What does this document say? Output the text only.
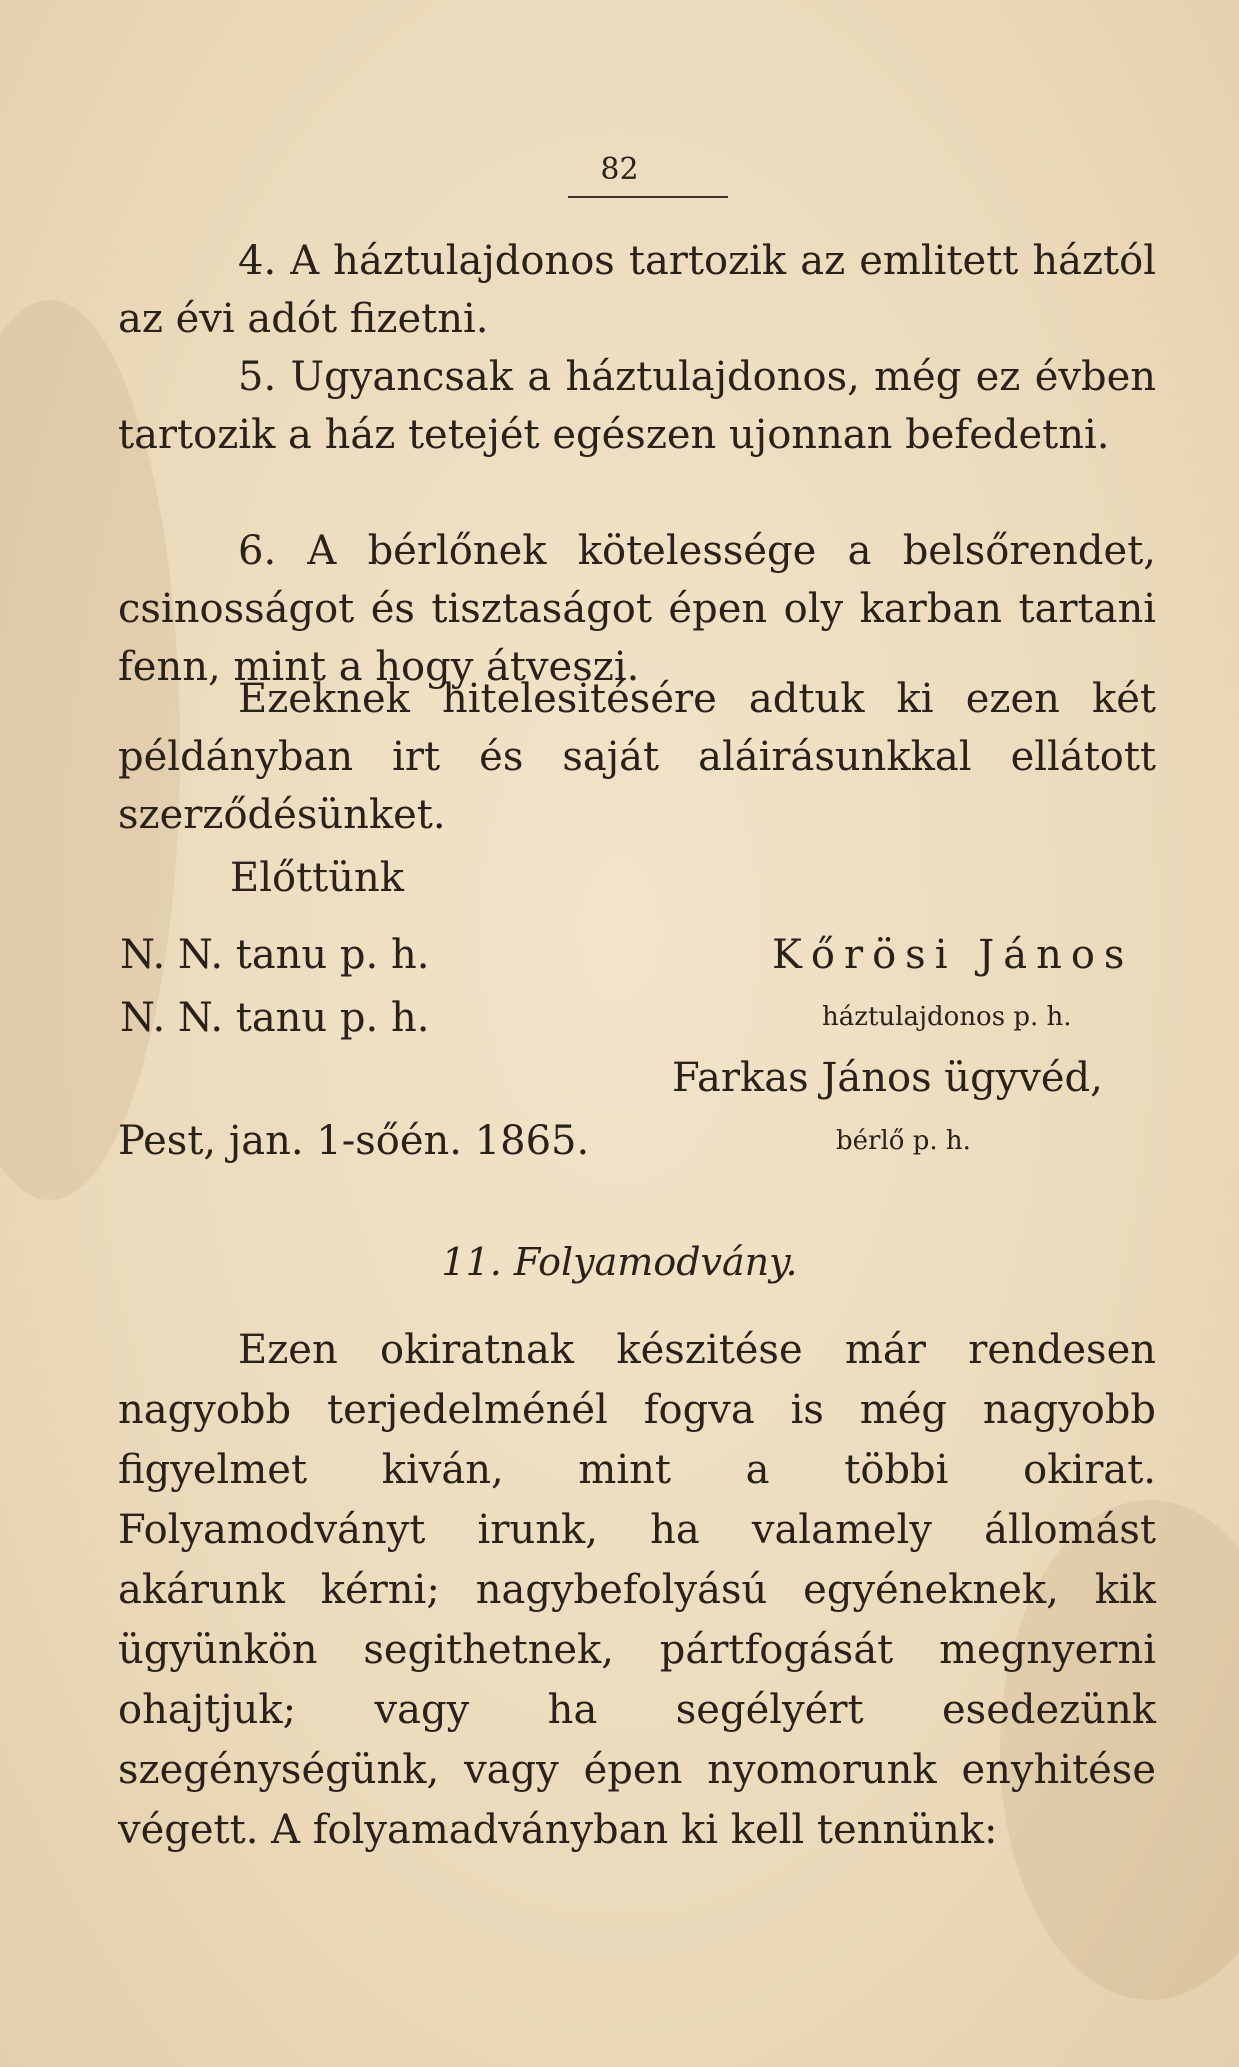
82
4. A háztulajdonos tartozik az emlitett háztól az évi adót fizetni.
5. Ugyancsak a háztulajdonos, még ez évben tartozik a ház tetejét egészen ujonnan befedetni.
6. A bérlőnek kötelessége a belsőrendet, csinosságot és tisztaságot épen oly karban tartani fenn, mint a hogy átveszi.
Ezeknek hitelesitésére adtuk ki ezen két példányban irt és saját aláirásunkkal ellátott szerződésünket.
Előttünk
N. N. tanu p. h.	Kőrösi János
N. N. tanu p. h.	háztulajdonos p. h.
Farkas János ügyvéd,
Pest, jan. 1-sőén. 1865.	bérlő p. h.
11. Folyamodvány.
Ezen okiratnak készitése már rendesen nagyobb terjedelménél fogva is még nagyobb figyelmet kiván, mint a többi okirat. Folyamodványt irunk, ha valamely állomást akárunk kérni; nagybefolyású egyéneknek, kik ügyünkön segithetnek, pártfogását megnyerni ohajtjuk; vagy ha segélyért esedezünk szegénységünk, vagy épen nyomorunk enyhitése végett. A folyamadványban ki kell tennünk:
